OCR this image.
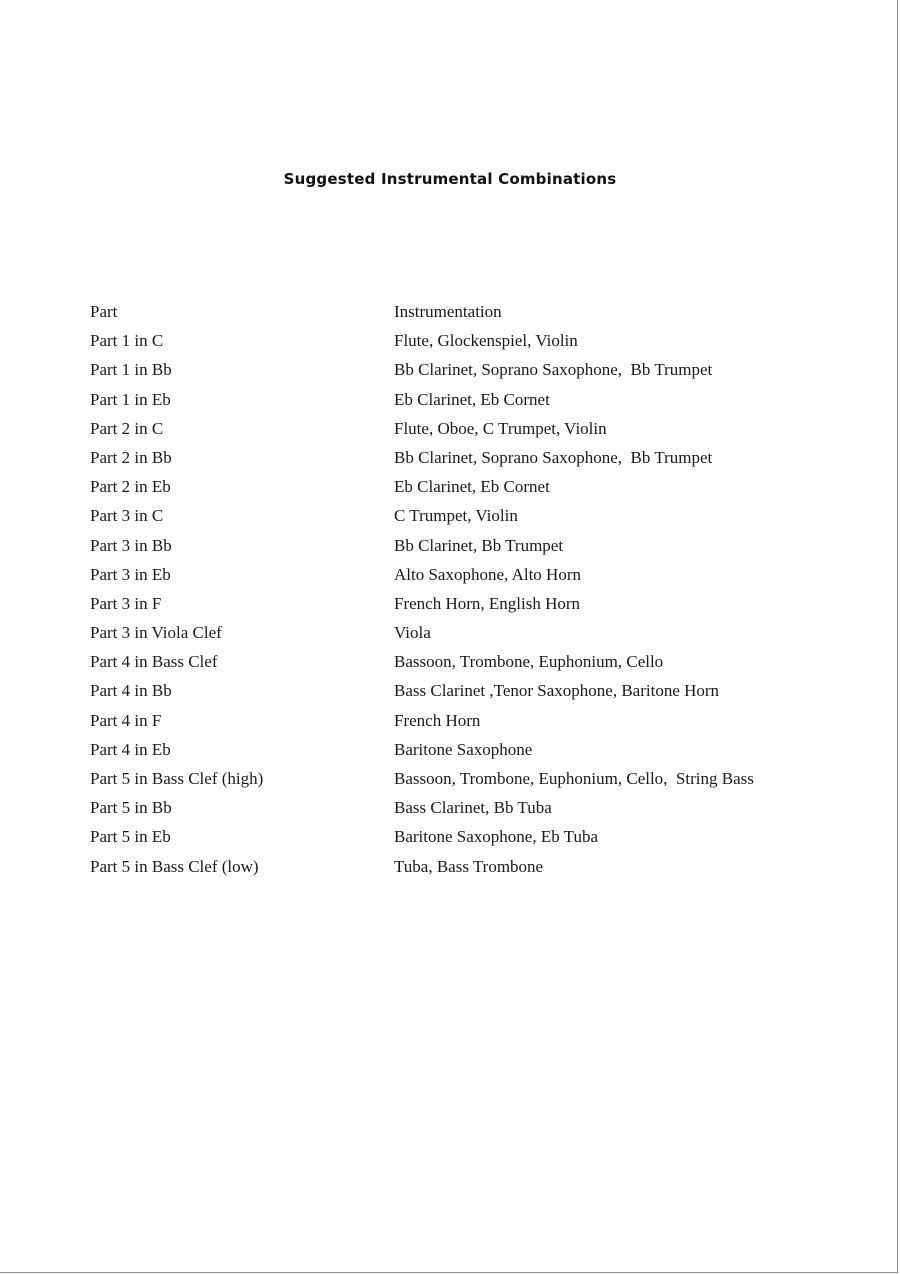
Suggested Instrumental Combinations
Part	Instrumentation
Part 1 in C	Flute, Glockenspiel, Violin
Part 1 in Bb	Bb Clarinet, Soprano Saxophone,  Bb Trumpet
Part 1 in Eb	Eb Clarinet, Eb Cornet
Part 2 in C	Flute, Oboe, C Trumpet, Violin
Part 2 in Bb	Bb Clarinet, Soprano Saxophone,  Bb Trumpet
Part 2 in Eb	Eb Clarinet, Eb Cornet
Part 3 in C	C Trumpet, Violin
Part 3 in Bb	Bb Clarinet, Bb Trumpet
Part 3 in Eb	Alto Saxophone, Alto Horn
Part 3 in F	French Horn, English Horn
Part 3 in Viola Clef	Viola
Part 4 in Bass Clef	Bassoon, Trombone, Euphonium, Cello
Part 4 in Bb	Bass Clarinet ,Tenor Saxophone, Baritone Horn
Part 4 in F	French Horn
Part 4 in Eb	Baritone Saxophone
Part 5 in Bass Clef (high)	Bassoon, Trombone, Euphonium, Cello,  String Bass
Part 5 in Bb	Bass Clarinet, Bb Tuba
Part 5 in Eb	Baritone Saxophone, Eb Tuba
Part 5 in Bass Clef (low)	Tuba, Bass Trombone
